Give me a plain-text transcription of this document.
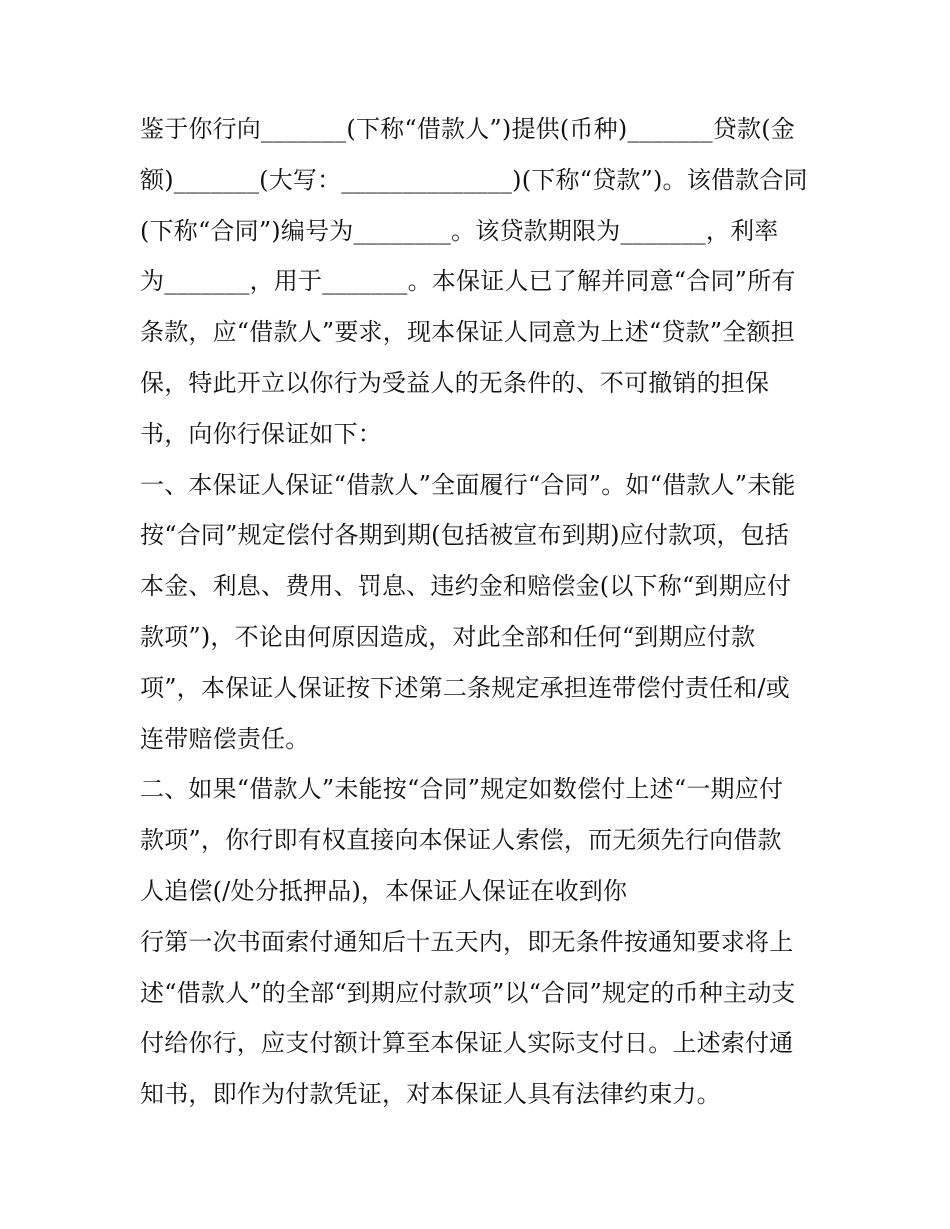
鉴于你行向_______(下称“借款人”)提供(币种)_______贷款(金
额)_______(大写：______________)(下称“贷款”)。该借款合同
(下称“合同”)编号为________。该贷款期限为_______，利率
为_______，用于_______。本保证人已了解并同意“合同”所有
条款，应“借款人”要求，现本保证人同意为上述“贷款”全额担
保，特此开立以你行为受益人的无条件的、不可撤销的担保
书，向你行保证如下：
一、本保证人保证“借款人”全面履行“合同”。如“借款人”未能
按“合同”规定偿付各期到期(包括被宣布到期)应付款项，包括
本金、利息、费用、罚息、违约金和赔偿金(以下称“到期应付
款项”)，不论由何原因造成，对此全部和任何“到期应付款
项”，本保证人保证按下述第二条规定承担连带偿付责任和/或
连带赔偿责任。
二、如果“借款人”未能按“合同”规定如数偿付上述“一期应付
款项”，你行即有权直接向本保证人索偿，而无须先行向借款
人追偿(/处分抵押品)，本保证人保证在收到你
行第一次书面索付通知后十五天内，即无条件按通知要求将上
述“借款人”的全部“到期应付款项”以“合同”规定的币种主动支
付给你行，应支付额计算至本保证人实际支付日。上述索付通
知书，即作为付款凭证，对本保证人具有法律约束力。
